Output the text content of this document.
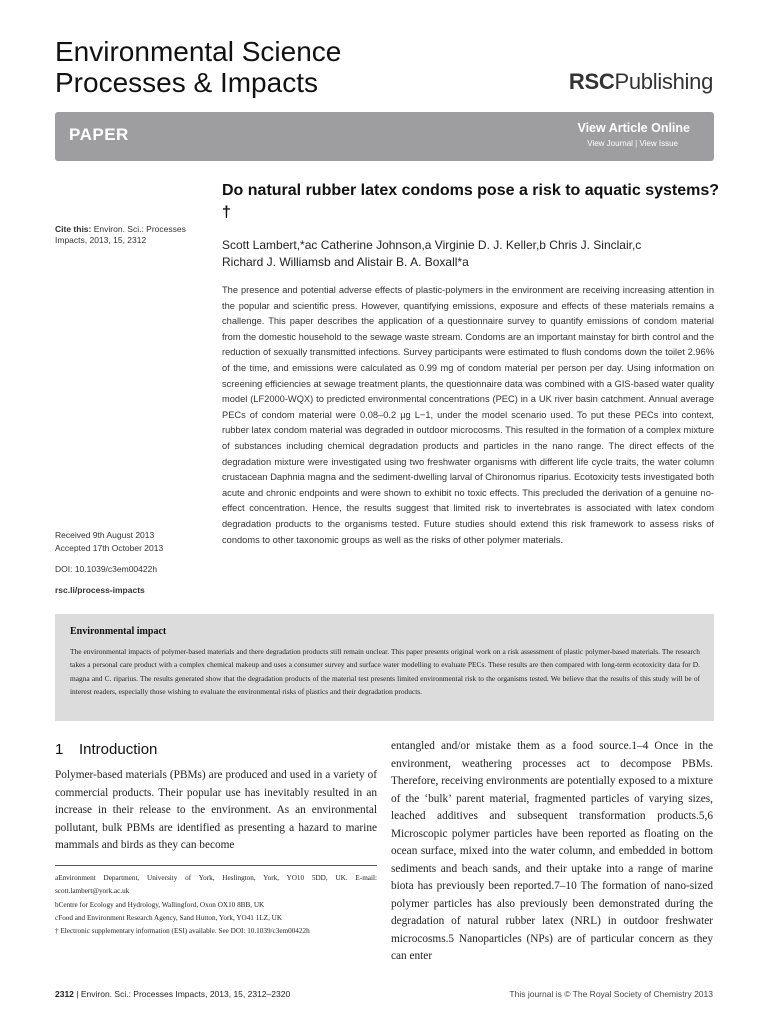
Environmental Science
Processes & Impacts	RSCPublishing
PAPER	View Article Online
View Journal | View Issue
Do natural rubber latex condoms pose a risk to aquatic systems?†
Scott Lambert,*ac Catherine Johnson,a Virginie D. J. Keller,b Chris J. Sinclair,c
Richard J. Williamsb and Alistair B. A. Boxall*a
Cite this: Environ. Sci.: Processes Impacts, 2013, 15, 2312
The presence and potential adverse effects of plastic-polymers in the environment are receiving increasing attention in the popular and scientific press. However, quantifying emissions, exposure and effects of these materials remains a challenge. This paper describes the application of a questionnaire survey to quantify emissions of condom material from the domestic household to the sewage waste stream. Condoms are an important mainstay for birth control and the reduction of sexually transmitted infections. Survey participants were estimated to flush condoms down the toilet 2.96% of the time, and emissions were calculated as 0.99 mg of condom material per person per day. Using information on screening efficiencies at sewage treatment plants, the questionnaire data was combined with a GIS-based water quality model (LF2000-WQX) to predicted environmental concentrations (PEC) in a UK river basin catchment. Annual average PECs of condom material were 0.08–0.2 μg L−1, under the model scenario used. To put these PECs into context, rubber latex condom material was degraded in outdoor microcosms. This resulted in the formation of a complex mixture of substances including chemical degradation products and particles in the nano range. The direct effects of the degradation mixture were investigated using two freshwater organisms with different life cycle traits, the water column crustacean Daphnia magna and the sediment-dwelling larval of Chironomus riparius. Ecotoxicity tests investigated both acute and chronic endpoints and were shown to exhibit no toxic effects. This precluded the derivation of a genuine no-effect concentration. Hence, the results suggest that limited risk to invertebrates is associated with latex condom degradation products to the organisms tested. Future studies should extend this risk framework to assess risks of condoms to other taxonomic groups as well as the risks of other polymer materials.
Received 9th August 2013
Accepted 17th October 2013
DOI: 10.1039/c3em00422h
rsc.li/process-impacts
Environmental impact
The environmental impacts of polymer-based materials and there degradation products still remain unclear. This paper presents original work on a risk assessment of plastic polymer-based materials. The research takes a personal care product with a complex chemical makeup and uses a consumer survey and surface water modelling to evaluate PECs. These results are then compared with long-term ecotoxicity data for D. magna and C. riparius. The results generated show that the degradation products of the material test presents limited environmental risk to the organisms tested. We believe that the results of this study will be of interest readers, especially those wishing to evaluate the environmental risks of plastics and their degradation products.
1 Introduction
Polymer-based materials (PBMs) are produced and used in a variety of commercial products. Their popular use has inevitably resulted in an increase in their release to the environment. As an environmental pollutant, bulk PBMs are identified as presenting a hazard to marine mammals and birds as they can become
entangled and/or mistake them as a food source.1–4 Once in the environment, weathering processes act to decompose PBMs. Therefore, receiving environments are potentially exposed to a mixture of the ‘bulk’ parent material, fragmented particles of varying sizes, leached additives and subsequent transformation products.5,6 Microscopic polymer particles have been reported as floating on the ocean surface, mixed into the water column, and embedded in bottom sediments and beach sands, and their uptake into a range of marine biota has previously been reported.7–10 The formation of nano-sized polymer particles has also previously been demonstrated during the degradation of natural rubber latex (NRL) in outdoor freshwater microcosms.5 Nanoparticles (NPs) are of particular concern as they can enter
aEnvironment Department, University of York, Heslington, York, YO10 5DD, UK. E-mail: scott.lambert@york.ac.uk
bCentre for Ecology and Hydrology, Wallingford, Oxon OX10 8BB, UK
cFood and Environment Research Agency, Sand Hutton, York, YO41 1LZ, UK
† Electronic supplementary information (ESI) available. See DOI: 10.1039/c3em00422h
2312 | Environ. Sci.: Processes Impacts, 2013, 15, 2312–2320	This journal is © The Royal Society of Chemistry 2013
